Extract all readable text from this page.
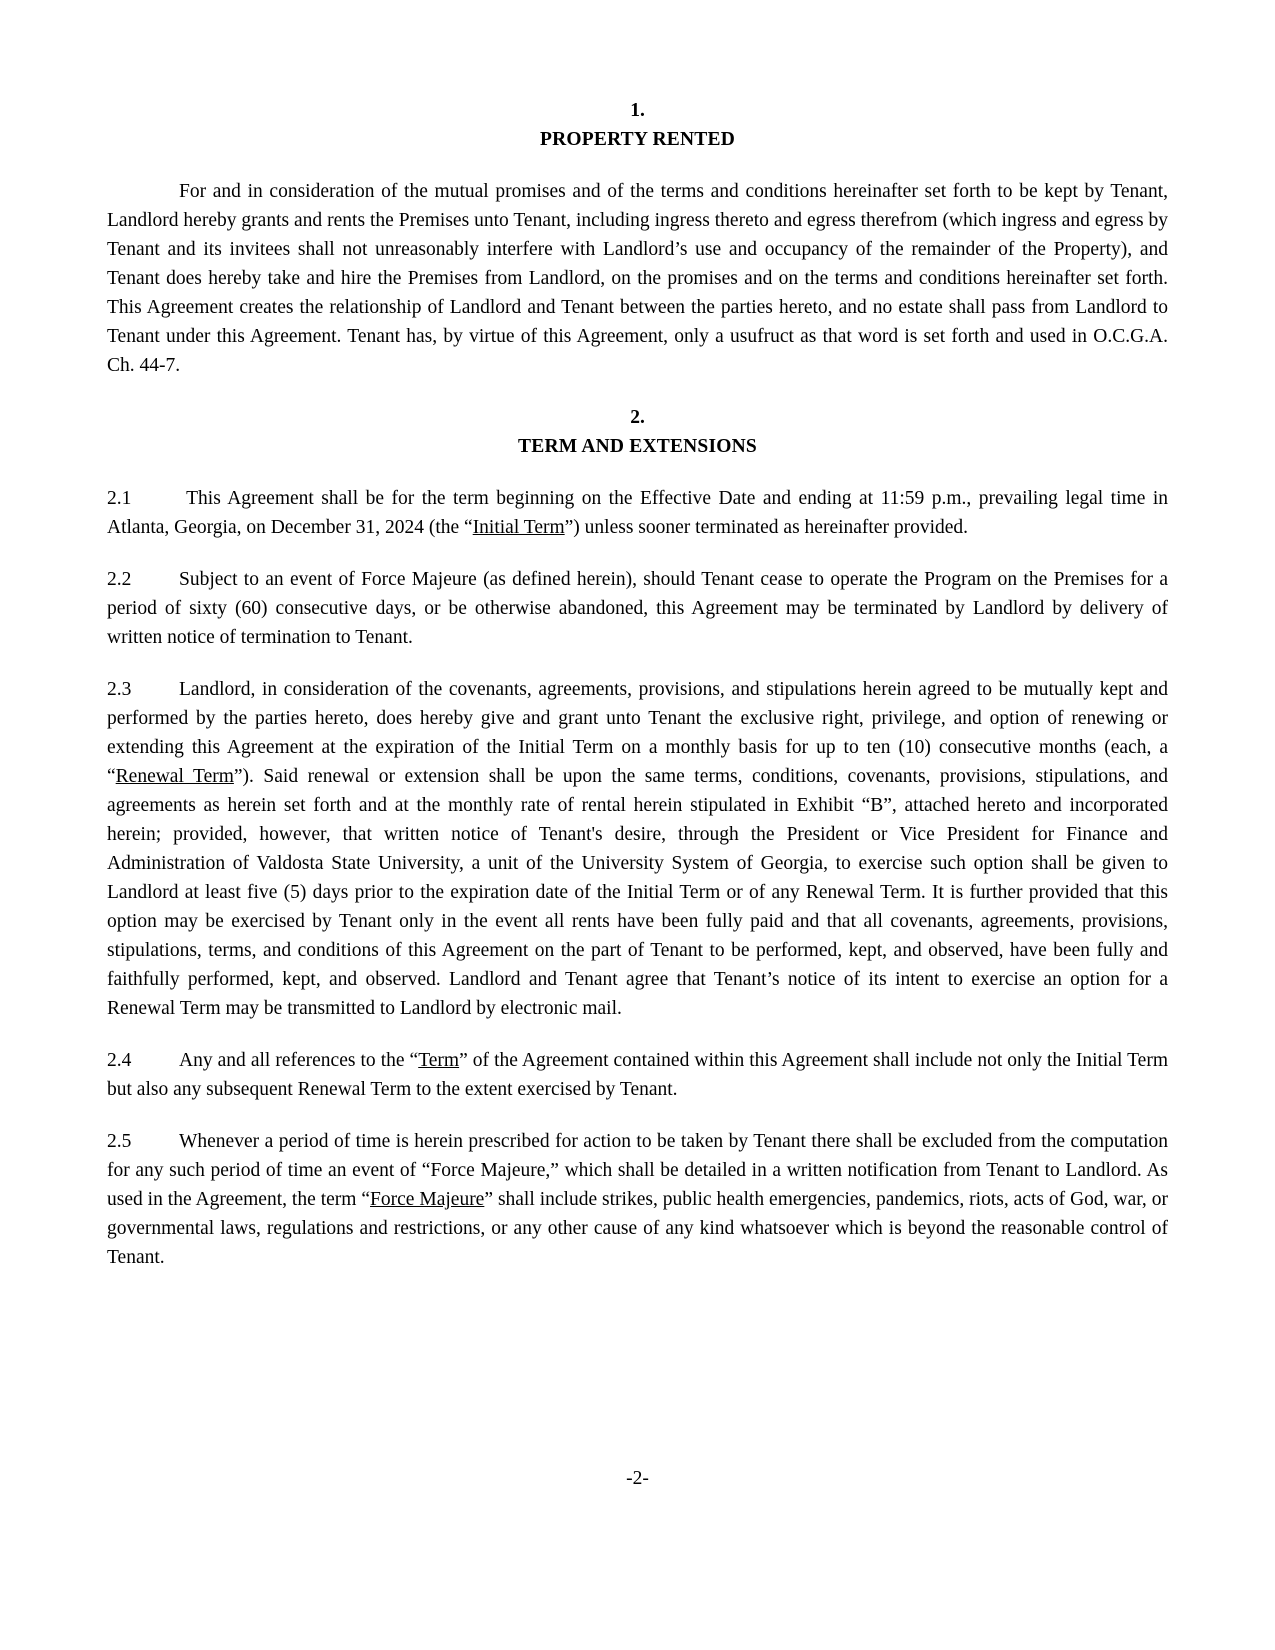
1.
PROPERTY RENTED

For and in consideration of the mutual promises and of the terms and conditions hereinafter set forth to be kept by Tenant, Landlord hereby grants and rents the Premises unto Tenant, including ingress thereto and egress therefrom (which ingress and egress by Tenant and its invitees shall not unreasonably interfere with Landlord’s use and occupancy of the remainder of the Property), and Tenant does hereby take and hire the Premises from Landlord, on the promises and on the terms and conditions hereinafter set forth. This Agreement creates the relationship of Landlord and Tenant between the parties hereto, and no estate shall pass from Landlord to Tenant under this Agreement. Tenant has, by virtue of this Agreement, only a usufruct as that word is set forth and used in O.C.G.A. Ch. 44-7.

2.
TERM AND EXTENSIONS

2.1 This Agreement shall be for the term beginning on the Effective Date and ending at 11:59 p.m., prevailing legal time in Atlanta, Georgia, on December 31, 2024 (the “Initial Term”) unless sooner terminated as hereinafter provided.

2.2 Subject to an event of Force Majeure (as defined herein), should Tenant cease to operate the Program on the Premises for a period of sixty (60) consecutive days, or be otherwise abandoned, this Agreement may be terminated by Landlord by delivery of written notice of termination to Tenant.

2.3 Landlord, in consideration of the covenants, agreements, provisions, and stipulations herein agreed to be mutually kept and performed by the parties hereto, does hereby give and grant unto Tenant the exclusive right, privilege, and option of renewing or extending this Agreement at the expiration of the Initial Term on a monthly basis for up to ten (10) consecutive months (each, a “Renewal Term”). Said renewal or extension shall be upon the same terms, conditions, covenants, provisions, stipulations, and agreements as herein set forth and at the monthly rate of rental herein stipulated in Exhibit “B”, attached hereto and incorporated herein; provided, however, that written notice of Tenant's desire, through the President or Vice President for Finance and Administration of Valdosta State University, a unit of the University System of Georgia, to exercise such option shall be given to Landlord at least five (5) days prior to the expiration date of the Initial Term or of any Renewal Term. It is further provided that this option may be exercised by Tenant only in the event all rents have been fully paid and that all covenants, agreements, provisions, stipulations, terms, and conditions of this Agreement on the part of Tenant to be performed, kept, and observed, have been fully and faithfully performed, kept, and observed. Landlord and Tenant agree that Tenant’s notice of its intent to exercise an option for a Renewal Term may be transmitted to Landlord by electronic mail.

2.4 Any and all references to the “Term” of the Agreement contained within this Agreement shall include not only the Initial Term but also any subsequent Renewal Term to the extent exercised by Tenant.

2.5 Whenever a period of time is herein prescribed for action to be taken by Tenant there shall be excluded from the computation for any such period of time an event of “Force Majeure,” which shall be detailed in a written notification from Tenant to Landlord. As used in the Agreement, the term “Force Majeure” shall include strikes, public health emergencies, pandemics, riots, acts of God, war, or governmental laws, regulations and restrictions, or any other cause of any kind whatsoever which is beyond the reasonable control of Tenant.

-2-
